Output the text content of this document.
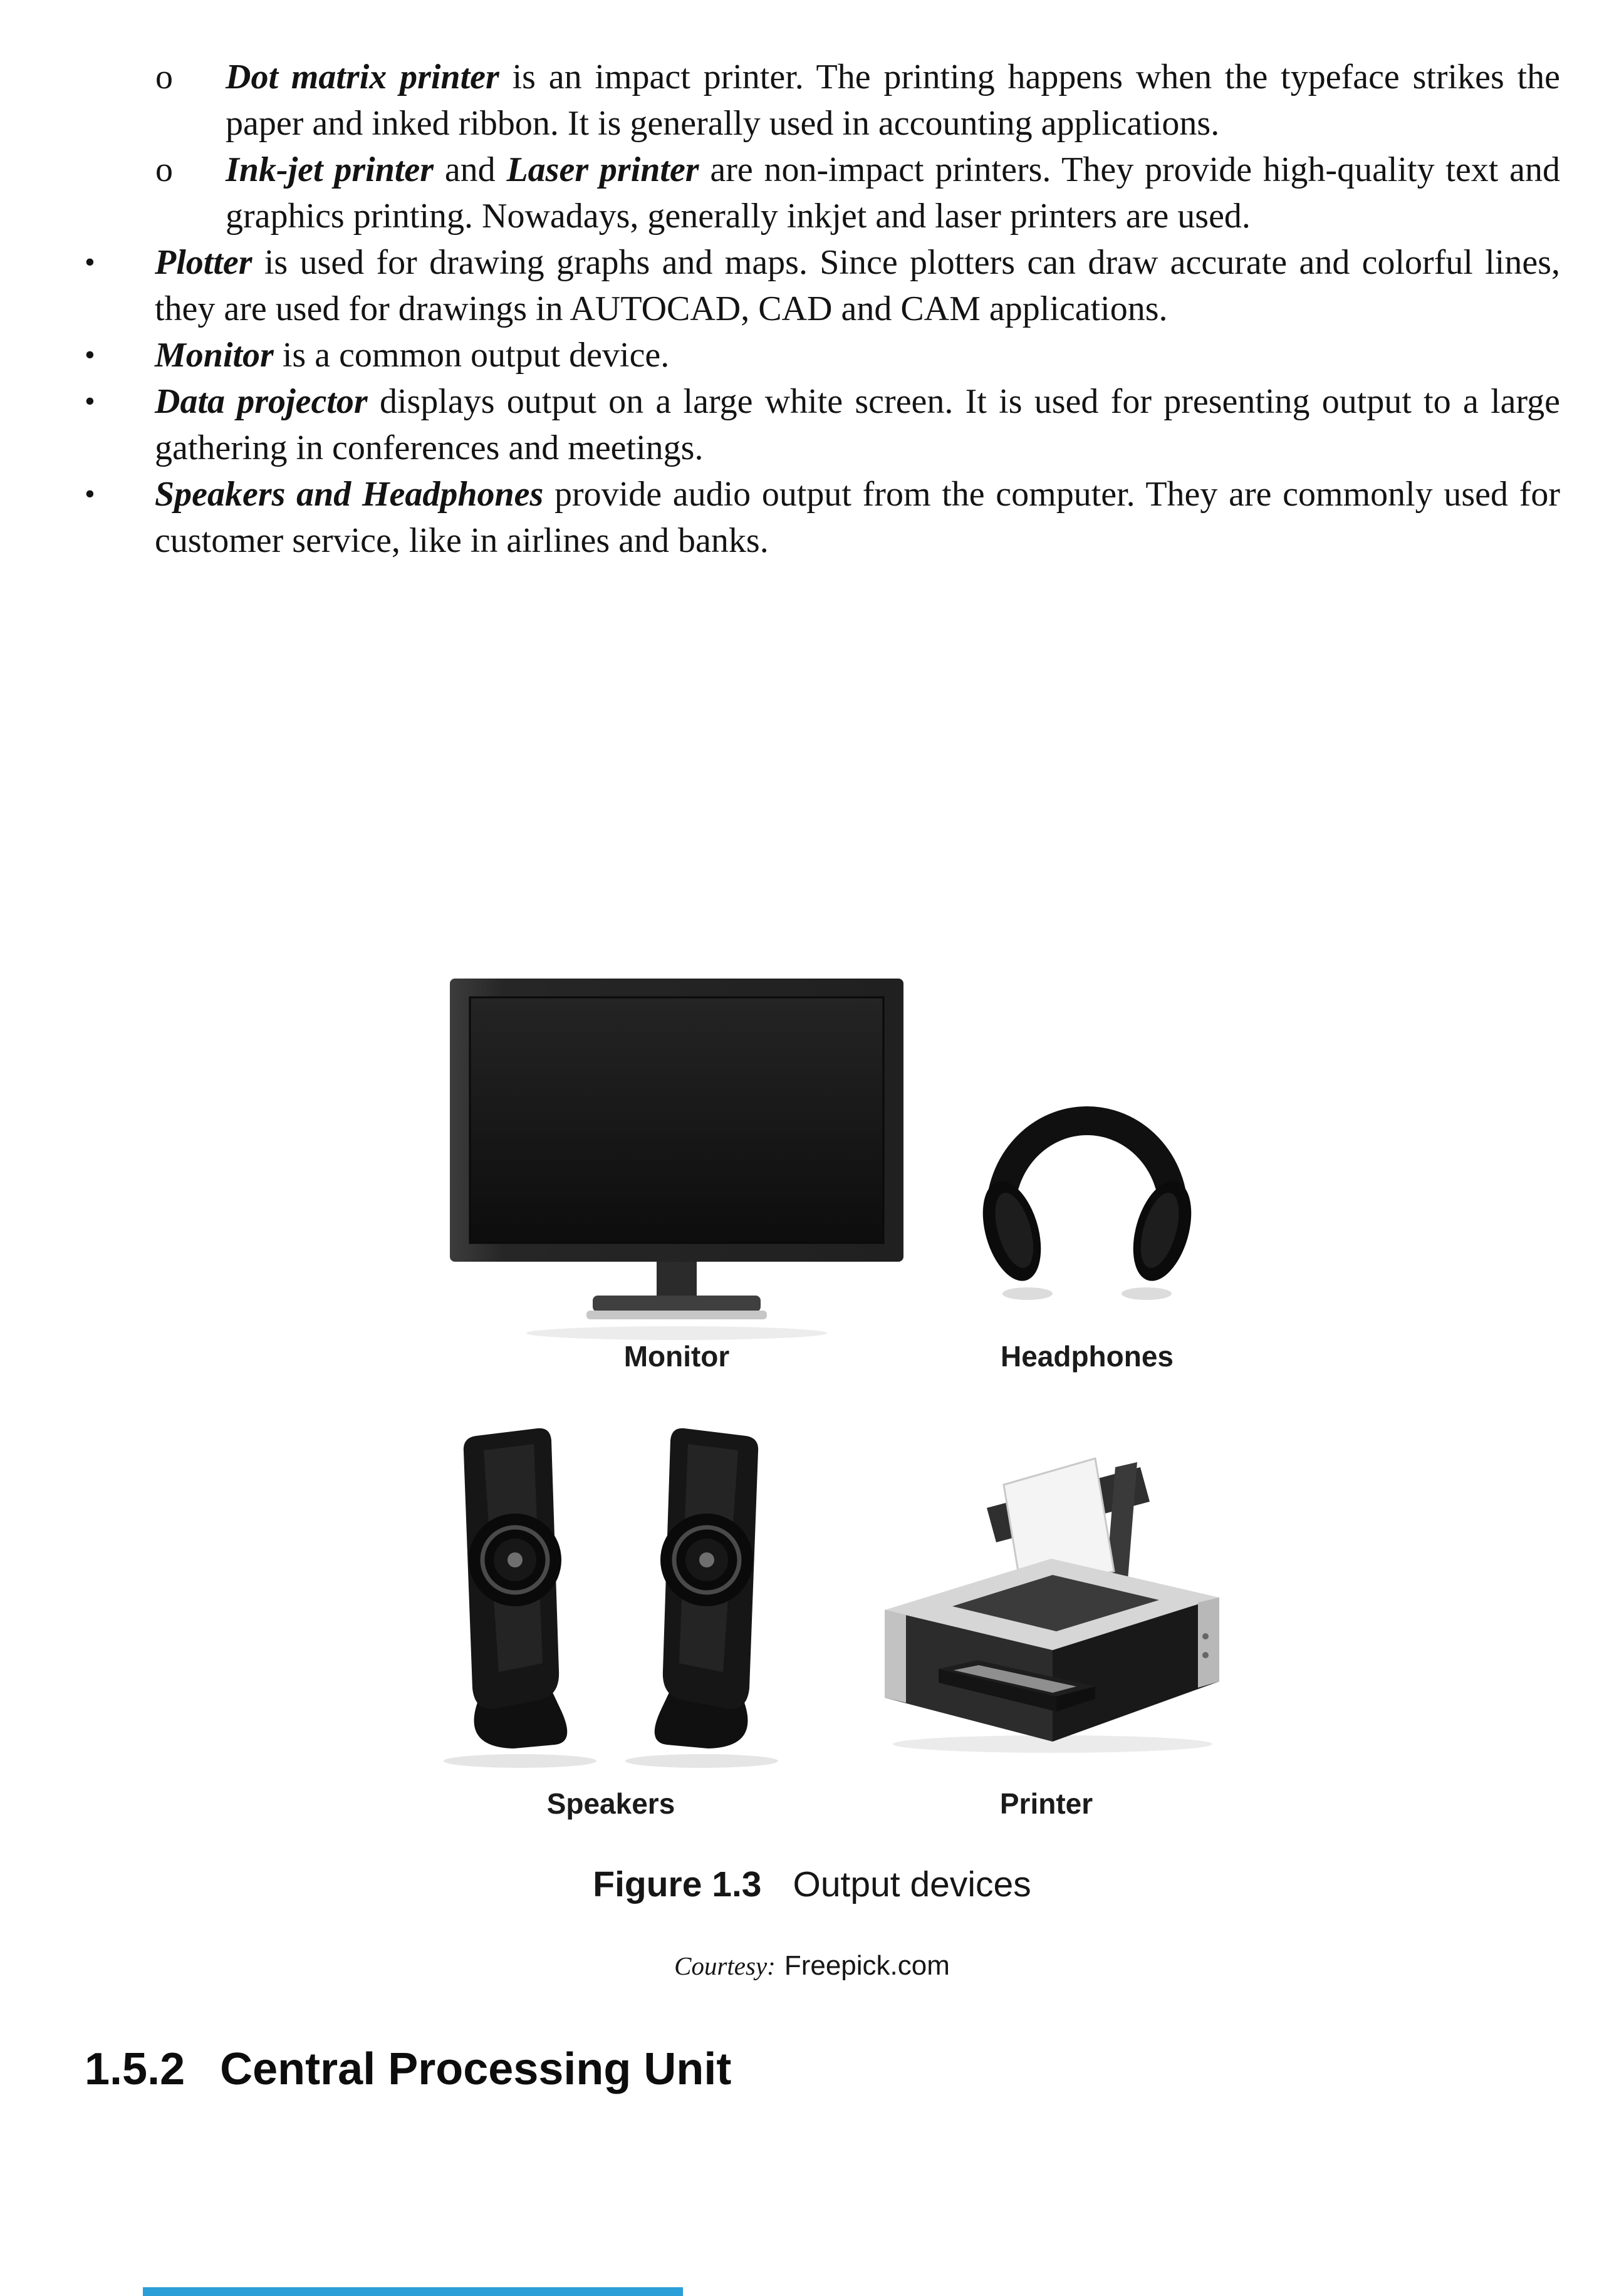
o	Dot matrix printer is an impact printer. The printing happens when the typeface strikes the paper and inked ribbon. It is generally used in accounting applications.
o	Ink-jet printer and Laser printer are non-impact printers. They provide high-quality text and graphics printing. Nowadays, generally inkjet and laser printers are used.
•	Plotter is used for drawing graphs and maps. Since plotters can draw accurate and colorful lines, they are used for drawings in AUTOCAD, CAD and CAM applications.
•	Monitor is a common output device.
•	Data projector displays output on a large white screen. It is used for presenting output to a large gathering in conferences and meetings.
•	Speakers and Headphones provide audio output from the computer. They are commonly used for customer service, like in airlines and banks.
Monitor	Headphones
Speakers	Printer
Figure 1.3 Output devices
Courtesy: Freepick.com
1.5.2 Central Processing Unit
